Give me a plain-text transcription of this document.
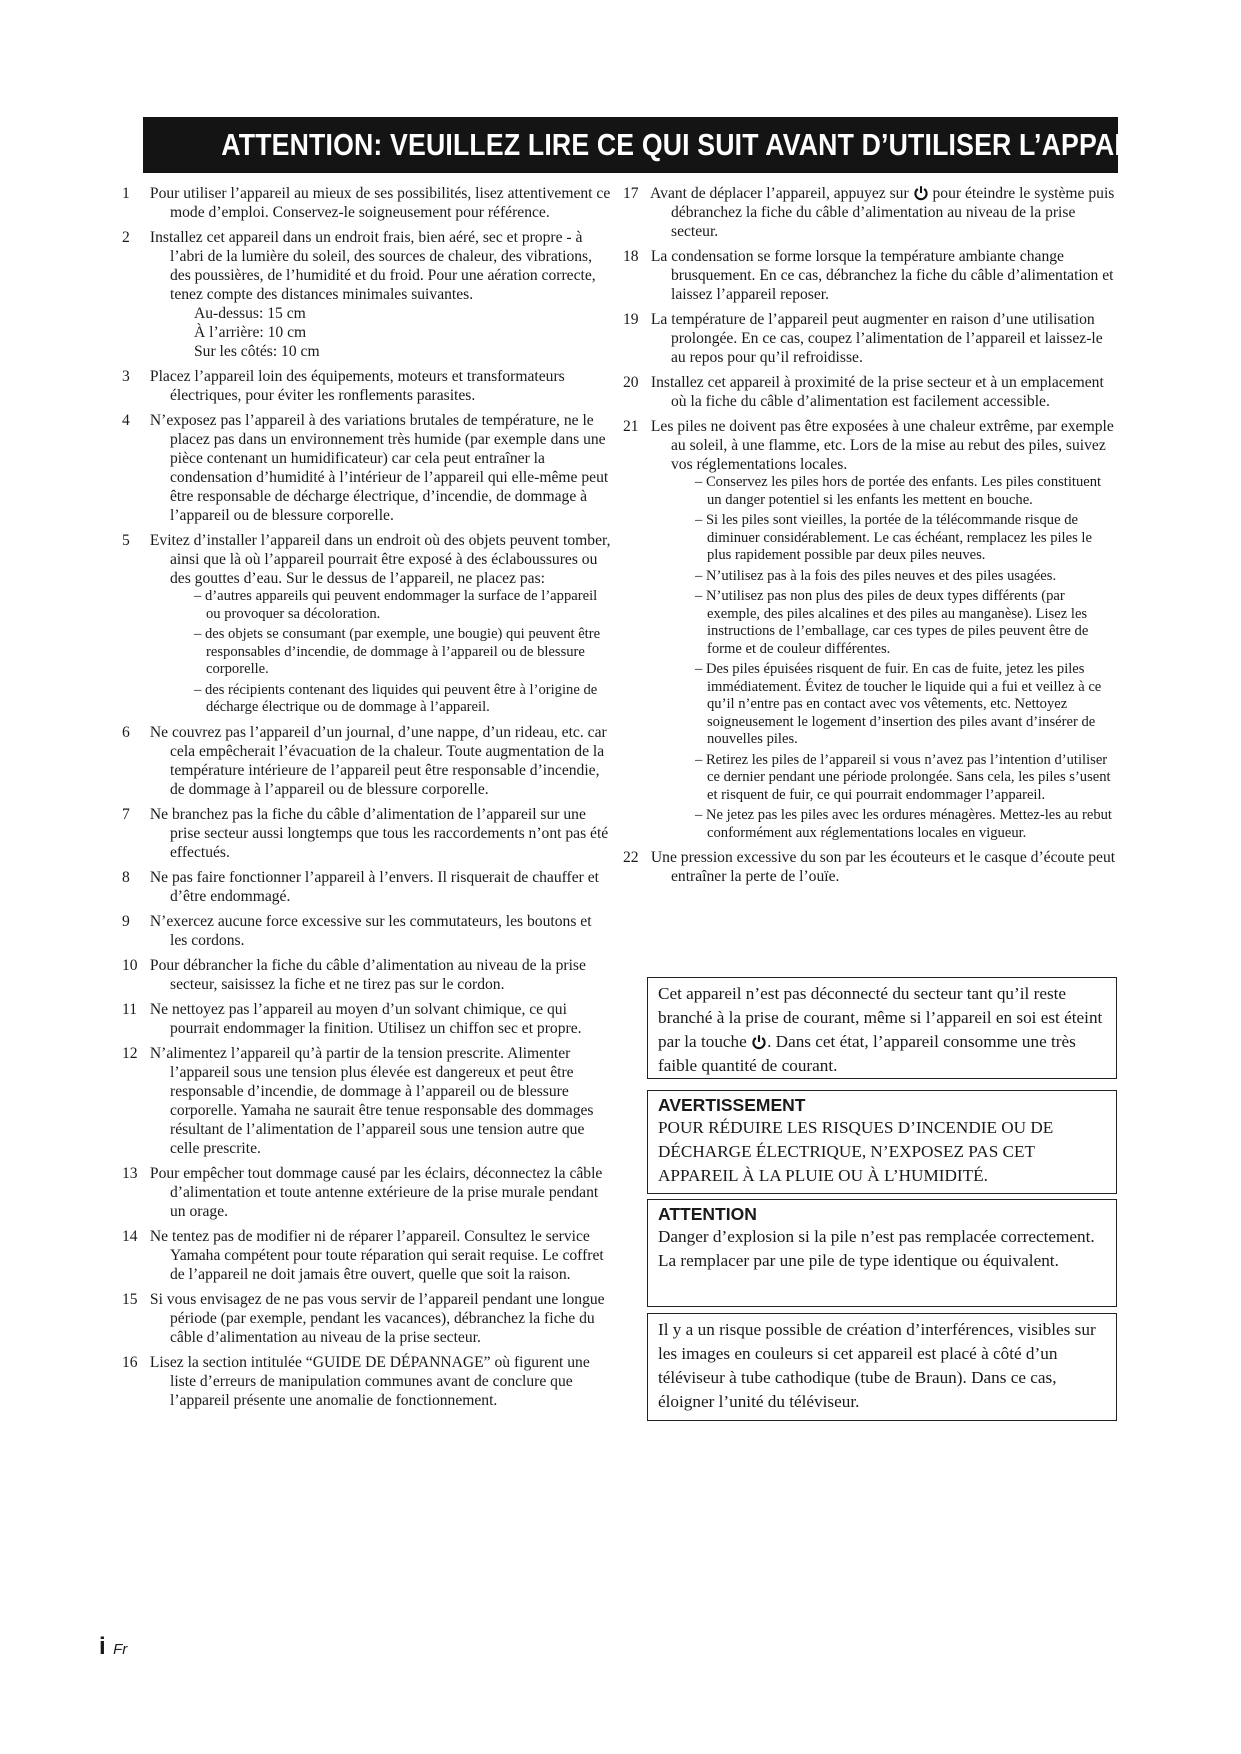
ATTENTION: VEUILLEZ LIRE CE QUI SUIT AVANT D’UTILISER L’APPAREIL.
1 Pour utiliser l’appareil au mieux de ses possibilités, lisez attentivement ce mode d’emploi. Conservez-le soigneusement pour référence.
2 Installez cet appareil dans un endroit frais, bien aéré, sec et propre - à l’abri de la lumière du soleil, des sources de chaleur, des vibrations, des poussières, de l’humidité et du froid. Pour une aération correcte, tenez compte des distances minimales suivantes.
Au-dessus: 15 cm
À l’arrière: 10 cm
Sur les côtés: 10 cm
3 Placez l’appareil loin des équipements, moteurs et transformateurs électriques, pour éviter les ronflements parasites.
4 N’exposez pas l’appareil à des variations brutales de température, ne le placez pas dans un environnement très humide (par exemple dans une pièce contenant un humidificateur) car cela peut entraîner la condensation d’humidité à l’intérieur de l’appareil qui elle-même peut être responsable de décharge électrique, d’incendie, de dommage à l’appareil ou de blessure corporelle.
5 Evitez d’installer l’appareil dans un endroit où des objets peuvent tomber, ainsi que là où l’appareil pourrait être exposé à des éclaboussures ou des gouttes d’eau. Sur le dessus de l’appareil, ne placez pas:
– d’autres appareils qui peuvent endommager la surface de l’appareil ou provoquer sa décoloration.
– des objets se consumant (par exemple, une bougie) qui peuvent être responsables d’incendie, de dommage à l’appareil ou de blessure corporelle.
– des récipients contenant des liquides qui peuvent être à l’origine de décharge électrique ou de dommage à l’appareil.
6 Ne couvrez pas l’appareil d’un journal, d’une nappe, d’un rideau, etc. car cela empêcherait l’évacuation de la chaleur. Toute augmentation de la température intérieure de l’appareil peut être responsable d’incendie, de dommage à l’appareil ou de blessure corporelle.
7 Ne branchez pas la fiche du câble d’alimentation de l’appareil sur une prise secteur aussi longtemps que tous les raccordements n’ont pas été effectués.
8 Ne pas faire fonctionner l’appareil à l’envers. Il risquerait de chauffer et d’être endommagé.
9 N’exercez aucune force excessive sur les commutateurs, les boutons et les cordons.
10 Pour débrancher la fiche du câble d’alimentation au niveau de la prise secteur, saisissez la fiche et ne tirez pas sur le cordon.
11 Ne nettoyez pas l’appareil au moyen d’un solvant chimique, ce qui pourrait endommager la finition. Utilisez un chiffon sec et propre.
12 N’alimentez l’appareil qu’à partir de la tension prescrite. Alimenter l’appareil sous une tension plus élevée est dangereux et peut être responsable d’incendie, de dommage à l’appareil ou de blessure corporelle. Yamaha ne saurait être tenue responsable des dommages résultant de l’alimentation de l’appareil sous une tension autre que celle prescrite.
13 Pour empêcher tout dommage causé par les éclairs, déconnectez la câble d’alimentation et toute antenne extérieure de la prise murale pendant un orage.
14 Ne tentez pas de modifier ni de réparer l’appareil. Consultez le service Yamaha compétent pour toute réparation qui serait requise. Le coffret de l’appareil ne doit jamais être ouvert, quelle que soit la raison.
15 Si vous envisagez de ne pas vous servir de l’appareil pendant une longue période (par exemple, pendant les vacances), débranchez la fiche du câble d’alimentation au niveau de la prise secteur.
16 Lisez la section intitulée “GUIDE DE DÉPANNAGE” où figurent une liste d’erreurs de manipulation communes avant de conclure que l’appareil présente une anomalie de fonctionnement.
17 Avant de déplacer l’appareil, appuyez sur pour éteindre le système puis débranchez la fiche du câble d’alimentation au niveau de la prise secteur.
18 La condensation se forme lorsque la température ambiante change brusquement. En ce cas, débranchez la fiche du câble d’alimentation et laissez l’appareil reposer.
19 La température de l’appareil peut augmenter en raison d’une utilisation prolongée. En ce cas, coupez l’alimentation de l’appareil et laissez-le au repos pour qu’il refroidisse.
20 Installez cet appareil à proximité de la prise secteur et à un emplacement où la fiche du câble d’alimentation est facilement accessible.
21 Les piles ne doivent pas être exposées à une chaleur extrême, par exemple au soleil, à une flamme, etc. Lors de la mise au rebut des piles, suivez vos réglementations locales.
– Conservez les piles hors de portée des enfants. Les piles constituent un danger potentiel si les enfants les mettent en bouche.
– Si les piles sont vieilles, la portée de la télécommande risque de diminuer considérablement. Le cas échéant, remplacez les piles le plus rapidement possible par deux piles neuves.
– N’utilisez pas à la fois des piles neuves et des piles usagées.
– N’utilisez pas non plus des piles de deux types différents (par exemple, des piles alcalines et des piles au manganèse). Lisez les instructions de l’emballage, car ces types de piles peuvent être de forme et de couleur différentes.
– Des piles épuisées risquent de fuir. En cas de fuite, jetez les piles immédiatement. Évitez de toucher le liquide qui a fui et veillez à ce qu’il n’entre pas en contact avec vos vêtements, etc. Nettoyez soigneusement le logement d’insertion des piles avant d’insérer de nouvelles piles.
– Retirez les piles de l’appareil si vous n’avez pas l’intention d’utiliser ce dernier pendant une période prolongée. Sans cela, les piles s’usent et risquent de fuir, ce qui pourrait endommager l’appareil.
– Ne jetez pas les piles avec les ordures ménagères. Mettez-les au rebut conformément aux réglementations locales en vigueur.
22 Une pression excessive du son par les écouteurs et le casque d’écoute peut entraîner la perte de l’ouïe.
Cet appareil n’est pas déconnecté du secteur tant qu’il reste branché à la prise de courant, même si l’appareil en soi est éteint par la touche . Dans cet état, l’appareil consomme une très faible quantité de courant.
AVERTISSEMENT
POUR RÉDUIRE LES RISQUES D’INCENDIE OU DE DÉCHARGE ÉLECTRIQUE, N’EXPOSEZ PAS CET APPAREIL À LA PLUIE OU À L’HUMIDITÉ.
ATTENTION
Danger d’explosion si la pile n’est pas remplacée correctement. La remplacer par une pile de type identique ou équivalent.
Il y a un risque possible de création d’interférences, visibles sur les images en couleurs si cet appareil est placé à côté d’un téléviseur à tube cathodique (tube de Braun). Dans ce cas, éloigner l’unité du téléviseur.
i Fr
